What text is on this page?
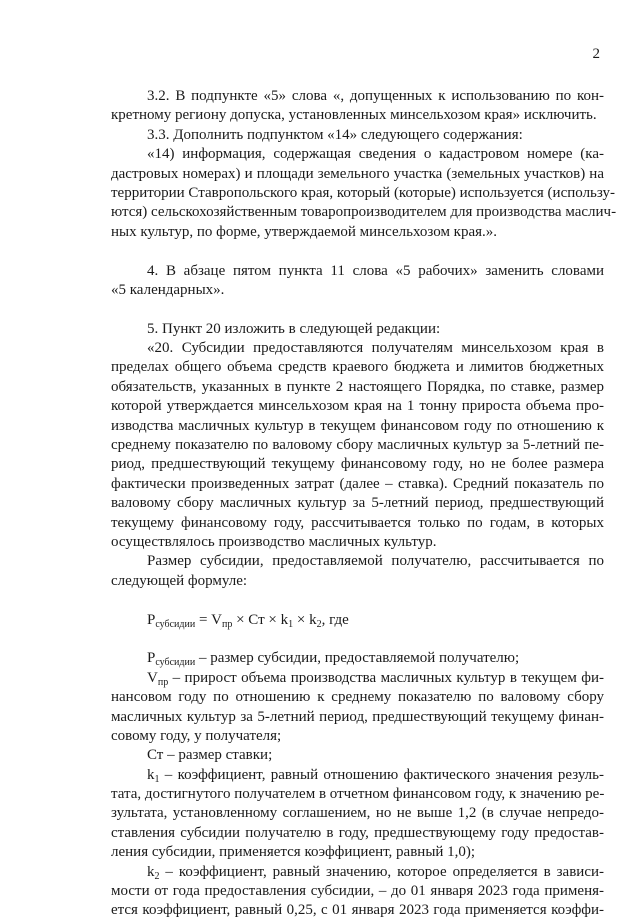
2

3.2. В подпункте «5» слова «, допущенных к использованию по кон-
кретному региону допуска, установленных минсельхозом края» исключить.
3.3. Дополнить подпунктом «14» следующего содержания:
«14) информация, содержащая сведения о кадастровом номере (ка-
дастровых номерах) и площади земельного участка (земельных участков) на
территории Ставропольского края, который (которые) используется (использу-
ются) сельскохозяйственным товаропроизводителем для производства маслич-
ных культур, по форме, утверждаемой минсельхозом края.».
4. В абзаце пятом пункта 11 слова «5 рабочих» заменить словами
«5 календарных».
5. Пункт 20 изложить в следующей редакции:
«20. Субсидии предоставляются получателям минсельхозом края в
пределах общего объема средств краевого бюджета и лимитов бюджетных
обязательств, указанных в пункте 2 настоящего Порядка, по ставке, размер
которой утверждается минсельхозом края на 1 тонну прироста объема про-
изводства масличных культур в текущем финансовом году по отношению к
среднему показателю по валовому сбору масличных культур за 5-летний пе-
риод, предшествующий текущему финансовому году, но не более размера
фактически произведенных затрат (далее – ставка). Средний показатель по
валовому сбору масличных культур за 5-летний период, предшествующий
текущему финансовому году, рассчитывается только по годам, в которых
осуществлялось производство масличных культур.
Размер субсидии, предоставляемой получателю, рассчитывается по
следующей формуле:

$Р_{субсидии} = V_{пр}$ × Ст × $k_1 \times k_2$, где

$Р_{субсидии}$ – размер субсидии, предоставляемой получателю;
$V_{пр}$ – прирост объема производства масличных культур в текущем фи-
нансовом году по отношению к среднему показателю по валовому сбору
масличных культур за 5-летний период, предшествующий текущему финан-
совому году, у получателя;
Ст – размер ставки;
$k_1$ – коэффициент, равный отношению фактического значения резуль-
тата, достигнутого получателем в отчетном финансовом году, к значению ре-
зультата, установленному соглашением, но не выше 1,2 (в случае непредо-
ставления субсидии получателю в году, предшествующему году предостав-
ления субсидии, применяется коэффициент, равный 1,0);
$k_2$ – коэффициент, равный значению, которое определяется в зависи-
мости от года предоставления субсидии, – до 01 января 2023 года применя-
ется коэффициент, равный 0,25, с 01 января 2023 года применяется коэффи-
